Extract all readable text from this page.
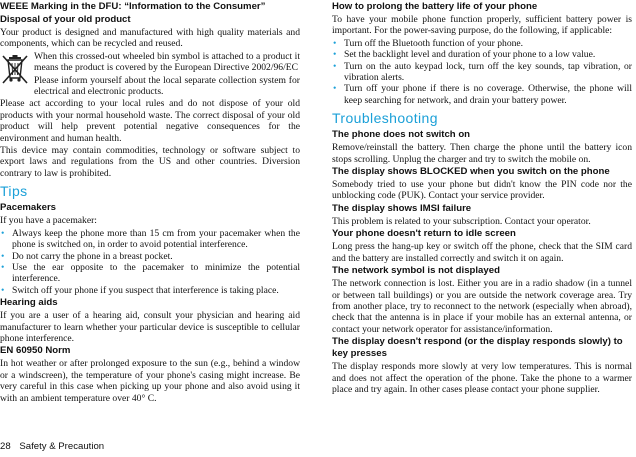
WEEE Marking in the DFU: “Information to the Consumer”
Disposal of your old product

Your product is designed and manufactured with high quality materials and components, which can be recycled and reused.

When this crossed-out wheeled bin symbol is attached to a product it means the product is covered by the European Directive 2002/96/EC

Please inform yourself about the local separate collection system for electrical and electronic products.

Please act according to your local rules and do not dispose of your old products with your normal household waste. The correct disposal of your old product will help prevent potential negative consequences for the environment and human health.

This device may contain commodities, technology or software subject to export laws and regulations from the US and other countries. Diversion contrary to law is prohibited.

Tips
Pacemakers

If you have a pacemaker:

• Always keep the phone more than 15 cm from your pacemaker when the phone is switched on, in order to avoid potential interference.
• Do not carry the phone in a breast pocket.
• Use the ear opposite to the pacemaker to minimize the potential interference.
• Switch off your phone if you suspect that interference is taking place.
Hearing aids

If you are a user of a hearing aid, consult your physician and hearing aid manufacturer to learn whether your particular device is susceptible to cellular phone interference.

EN 60950 Norm

In hot weather or after prolonged exposure to the sun (e.g., behind a window or a windscreen), the temperature of your phone's casing might increase. Be very careful in this case when picking up your phone and also avoid using it with an ambient temperature over 40° C.

How to prolong the battery life of your phone

To have your mobile phone function properly, sufficient battery power is important. For the power-saving purpose, do the following, if applicable:

• Turn off the Bluetooth function of your phone.
• Set the backlight level and duration of your phone to a low value.
• Turn on the auto keypad lock, turn off the key sounds, tap vibration, or vibration alerts.
• Turn off your phone if there is no coverage. Otherwise, the phone will keep searching for network, and drain your battery power.
Troubleshooting
The phone does not switch on

Remove/reinstall the battery. Then charge the phone until the battery icon stops scrolling. Unplug the charger and try to switch the mobile on.

The display shows BLOCKED when you switch on the phone

Somebody tried to use your phone but didn't know the PIN code nor the unblocking code (PUK). Contact your service provider.

The display shows IMSI failure

This problem is related to your subscription. Contact your operator.

Your phone doesn't return to idle screen

Long press the hang-up key or switch off the phone, check that the SIM card and the battery are installed correctly and switch it on again.

The network symbol is not displayed

The network connection is lost. Either you are in a radio shadow (in a tunnel or between tall buildings) or you are outside the network coverage area. Try from another place, try to reconnect to the network (especially when abroad), check that the antenna is in place if your mobile has an external antenna, or contact your network operator for assistance/information.

The display doesn't respond (or the display responds slowly) to key presses

The display responds more slowly at very low temperatures. This is normal and does not affect the operation of the phone. Take the phone to a warmer place and try again. In other cases please contact your phone supplier.

28 Safety & Precaution
